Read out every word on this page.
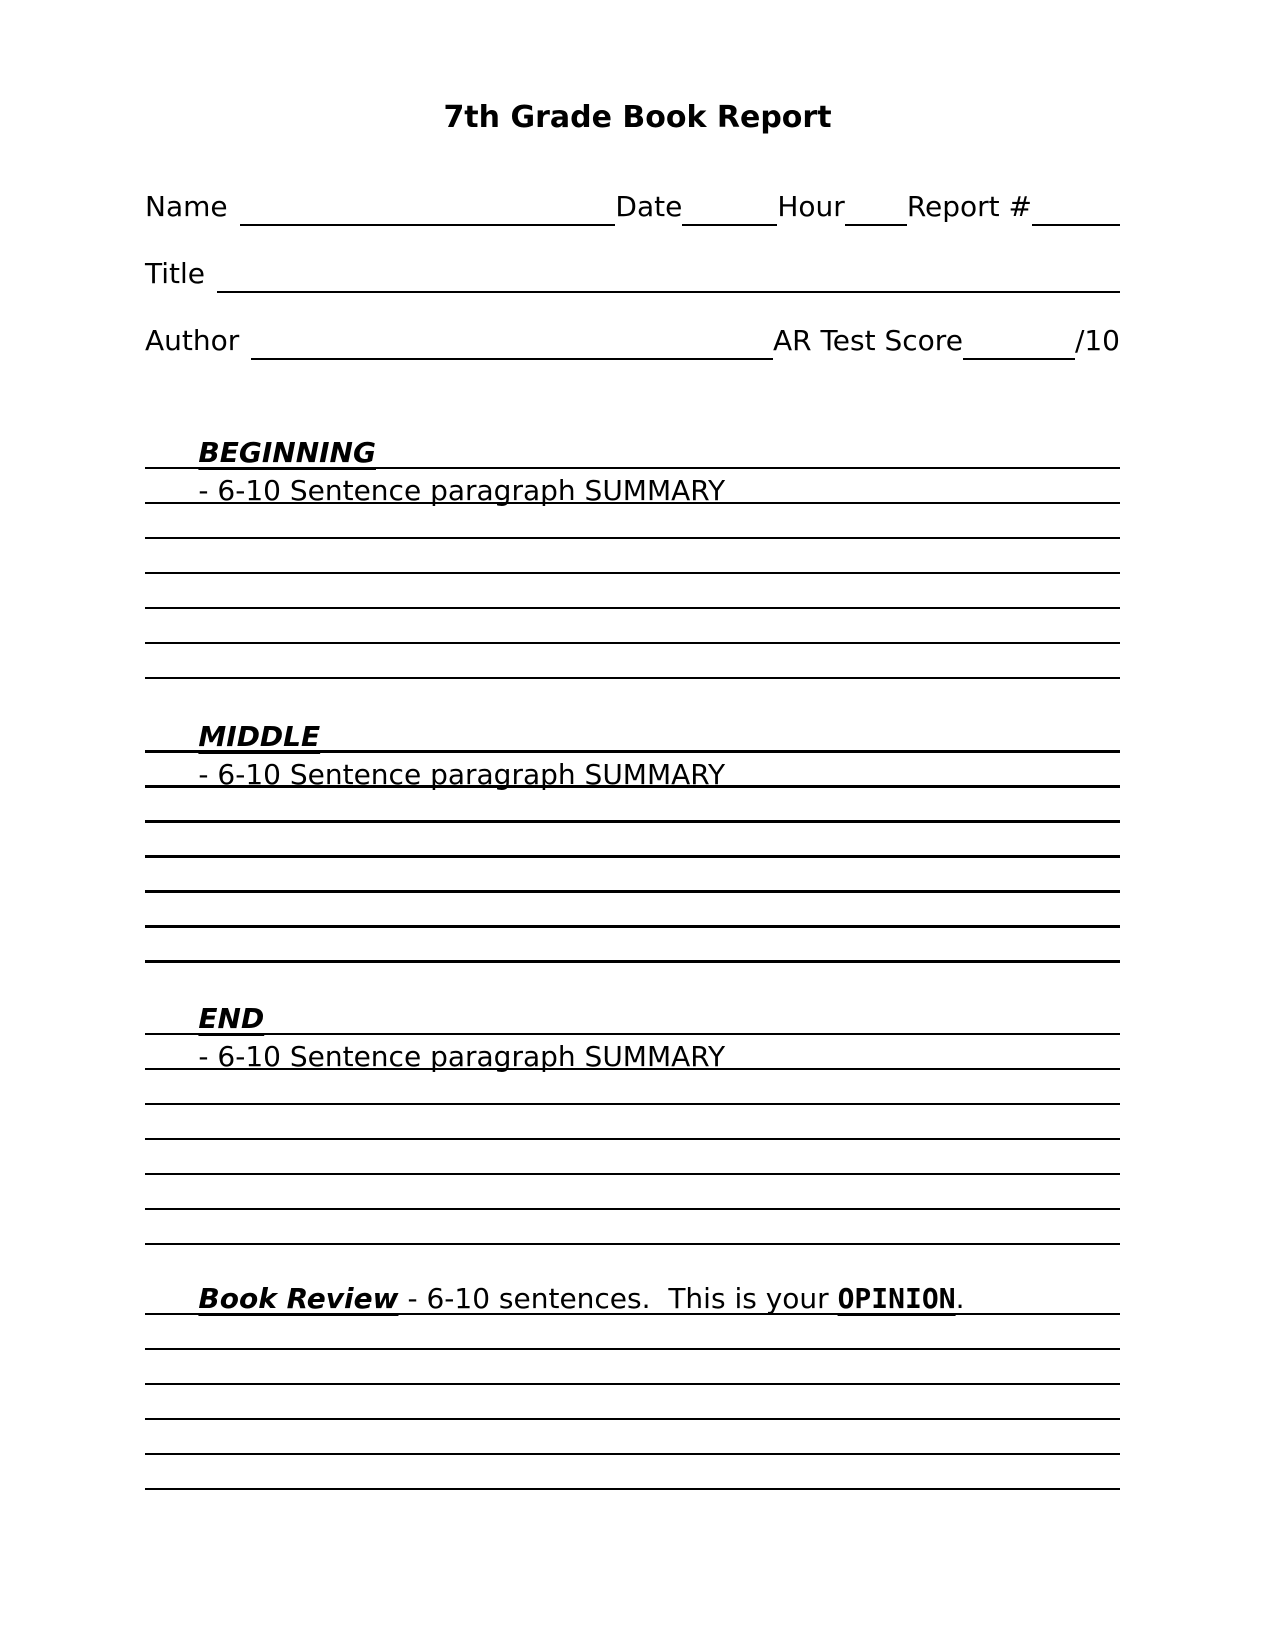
7th Grade Book Report
Name	Date	Hour Report #
Title
Author	AR Test Score	/10

BEGINNING
- 6-10 Sentence paragraph SUMMARY

MIDDLE
- 6-10 Sentence paragraph SUMMARY

END
- 6-10 Sentence paragraph SUMMARY

Book Review - 6-10 sentences.  This is your OPINION.
